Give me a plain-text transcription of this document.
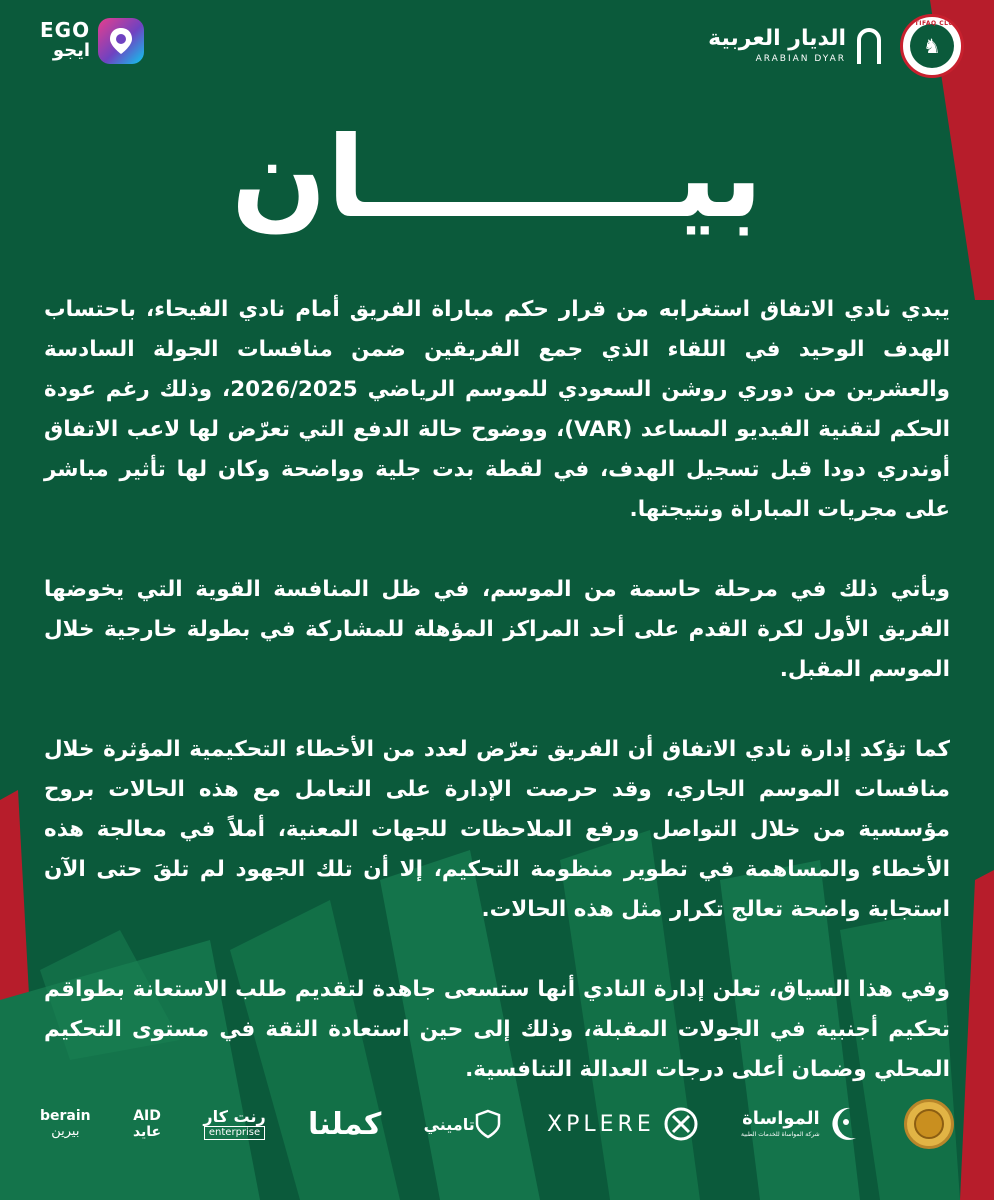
ETTIFAQ CLUB
♞
الديار العربية
ARABIAN DYAR
EGO
ايجو
بيــــــــان

يبدي نادي الاتفاق استغرابه من قرار حكم مباراة الفريق أمام نادي الفيحاء، باحتساب الهدف الوحيد في اللقاء الذي جمع الفريقين ضمن منافسات الجولة السادسة والعشرين من دوري روشن السعودي للموسم الرياضي 2026/2025، وذلك رغم عودة الحكم لتقنية الفيديو المساعد (VAR)، ووضوح حالة الدفع التي تعرّض لها لاعب الاتفاق أوندري دودا قبل تسجيل الهدف، في لقطة بدت جلية وواضحة وكان لها تأثير مباشر على مجريات المباراة ونتيجتها.

ويأتي ذلك في مرحلة حاسمة من الموسم، في ظل المنافسة القوية التي يخوضها الفريق الأول لكرة القدم على أحد المراكز المؤهلة للمشاركة في بطولة خارجية خلال الموسم المقبل.

كما تؤكد إدارة نادي الاتفاق أن الفريق تعرّض لعدد من الأخطاء التحكيمية المؤثرة خلال منافسات الموسم الجاري، وقد حرصت الإدارة على التعامل مع هذه الحالات بروح مؤسسية من خلال التواصل ورفع الملاحظات للجهات المعنية، أملاً في معالجة هذه الأخطاء والمساهمة في تطوير منظومة التحكيم، إلا أن تلك الجهود لم تلقَ حتى الآن استجابة واضحة تعالج تكرار مثل هذه الحالات.

وفي هذا السياق، تعلن إدارة النادي أنها ستسعى جاهدة لتقديم طلب الاستعانة بطواقم تحكيم أجنبية في الجولات المقبلة، وذلك إلى حين استعادة الثقة في مستوى التحكيم المحلي وضمان أعلى درجات العدالة التنافسية.

المواساة
شركة المواساة للخدمات الطبية
XPLERE
تاميني
كملنا
رنت كار
enterprise
AID
عايد
berain
بيرين
